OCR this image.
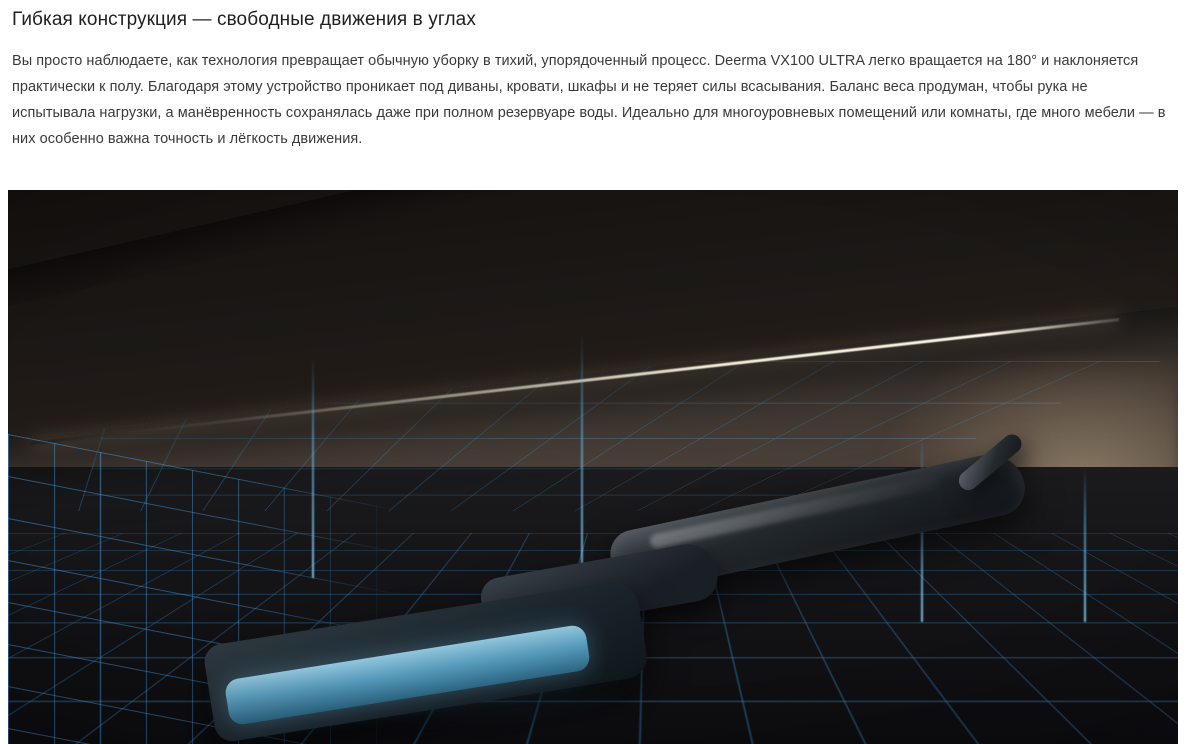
Гибкая конструкция — свободные движения в углах

Вы просто наблюдаете, как технология превращает обычную уборку в тихий, упорядоченный процесс. Deerma VX100 ULTRA легко вращается на 180° и наклоняется практически к полу. Благодаря этому устройство проникает под диваны, кровати, шкафы и не теряет силы всасывания. Баланс веса продуман, чтобы рука не испытывала нагрузки, а манёвренность сохранялась даже при полном резервуаре воды. Идеально для многоуровневых помещений или комнаты, где много мебели — в них особенно важна точность и лёгкость движения.
